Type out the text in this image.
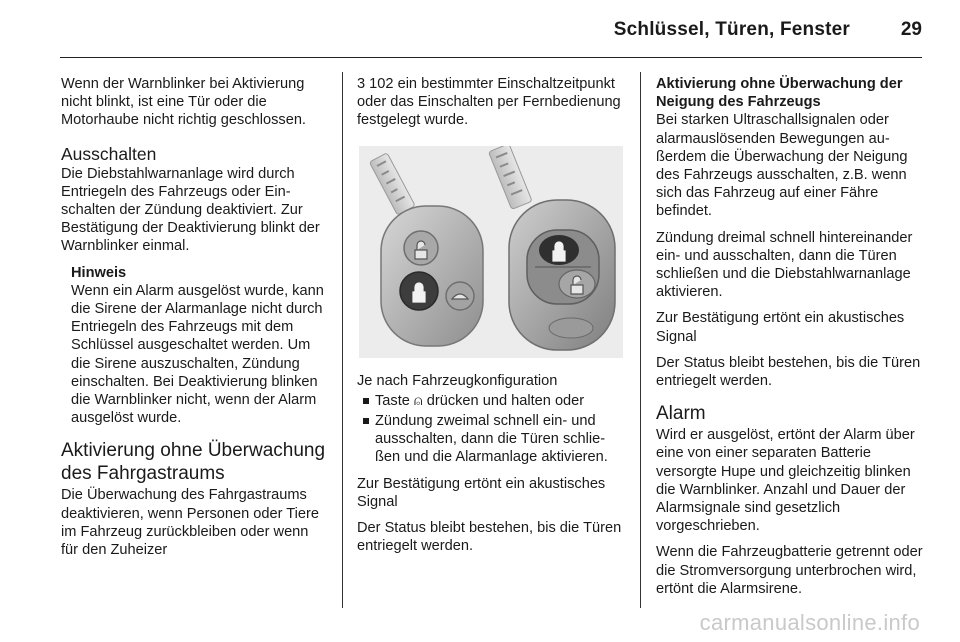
Schlüssel, Türen, Fenster	29

Wenn der Warnblinker bei Aktivierung nicht blinkt, ist eine Tür oder die Motorhaube nicht richtig geschlossen.

Ausschalten

Die Diebstahlwarnanlage wird durch Entriegeln des Fahrzeugs oder Einschalten der Zündung deaktiviert. Zur Bestätigung der Deaktivierung blinkt der Warnblinker einmal.

Hinweis
Wenn ein Alarm ausgelöst wurde, kann die Sirene der Alarmanlage nicht durch Entriegeln des Fahrzeugs mit dem Schlüssel ausgeschaltet werden. Um die Sirene auszuschalten, Zündung einschalten. Bei Deaktivierung blinken die Warnblinker nicht, wenn der Alarm ausgelöst wurde.
Aktivierung ohne Überwachung des Fahrgastraums

Die Überwachung des Fahrgastraums deaktivieren, wenn Personen oder Tiere im Fahrzeug zurückbleiben oder wenn für den Zuheizer

3 102 ein bestimmter Einschaltzeitpunkt oder das Einschalten per Fernbedienung festgelegt wurde.

Je nach Fahrzeugkonfiguration

Taste ⍝ drücken und halten oder
Zündung zweimal schnell ein- und ausschalten, dann die Türen schließen und die Alarmanlage aktivieren.

Zur Bestätigung ertönt ein akustisches Signal

Der Status bleibt bestehen, bis die Türen entriegelt werden.

Aktivierung ohne Überwachung der Neigung des Fahrzeugs

Bei starken Ultraschallsignalen oder alarmauslösenden Bewegungen außerdem die Überwachung der Neigung des Fahrzeugs ausschalten, z.B. wenn sich das Fahrzeug auf einer Fähre befindet.

Zündung dreimal schnell hintereinander ein- und ausschalten, dann die Türen schließen und die Diebstahlwarnanlage aktivieren.

Zur Bestätigung ertönt ein akustisches Signal

Der Status bleibt bestehen, bis die Türen entriegelt werden.

Alarm

Wird er ausgelöst, ertönt der Alarm über eine von einer separaten Batterie versorgte Hupe und gleichzeitig blinken die Warnblinker. Anzahl und Dauer der Alarmsignale sind gesetzlich vorgeschrieben.

Wenn die Fahrzeugbatterie getrennt oder die Stromversorgung unterbrochen wird, ertönt die Alarmsirene.

carmanualsonline.info
